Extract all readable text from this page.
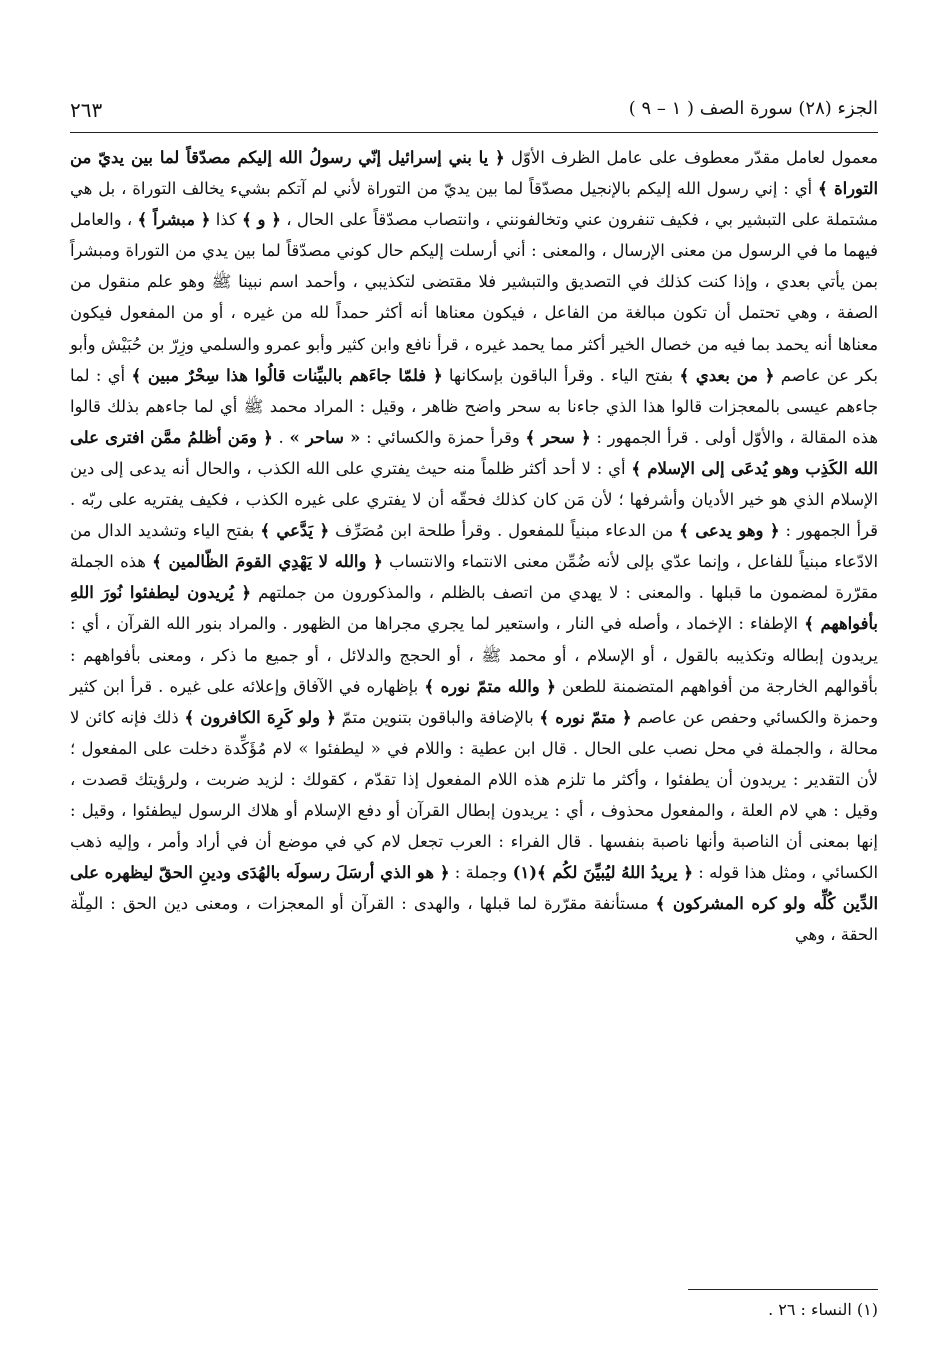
الجزء (٢٨) سورة الصف ( ١ – ٩ )
٢٦٣

معمول لعامل مقدّر معطوف على عامل الظرف الأوّل ﴿ يا بني إسرائيل إنّي رسولُ الله إليكم مصدّقاً لما بين يديّ من التوراة ﴾ أي : إني رسول الله إليكم بالإنجيل مصدّقاً لما بين يديّ من التوراة لأني لم آتكم بشيء يخالف التوراة ، بل هي مشتملة على التبشير بي ، فكيف تنفرون عني وتخالفونني ، وانتصاب مصدّقاً على الحال ، ﴿ و ﴾ كذا ﴿ مبشراً ﴾ ، والعامل فيهما ما في الرسول من معنى الإرسال ، والمعنى : أني أرسلت إليكم حال كوني مصدّقاً لما بين يدي من التوراة ومبشراً بمن يأتي بعدي ، وإذا كنت كذلك في التصديق والتبشير فلا مقتضى لتكذيبي ، وأحمد اسم نبينا ﷺ وهو علم منقول من الصفة ، وهي تحتمل أن تكون مبالغة من الفاعل ، فيكون معناها أنه أكثر حمداً لله من غيره ، أو من المفعول فيكون معناها أنه يحمد بما فيه من خصال الخير أكثر مما يحمد غيره ، قرأ نافع وابن كثير وأبو عمرو والسلمي وزِرّ بن حُبَيْش وأبو بكر عن عاصم ﴿ من بعدي ﴾ بفتح الياء . وقرأ الباقون بإسكانها ﴿ فلمّا جاءَهم بالبيِّنات قالُوا هذا سِحْرٌ مبين ﴾ أي : لما جاءهم عيسى بالمعجزات قالوا هذا الذي جاءنا به سحر واضح ظاهر ، وقيل : المراد محمد ﷺ أي لما جاءهم بذلك قالوا هذه المقالة ، والأوّل أولى . قرأ الجمهور : ﴿ سحر ﴾ وقرأ حمزة والكسائي : « ساحر » . ﴿ ومَن أظلمُ ممَّن افترى على الله الكَذِب وهو يُدعَى إلى الإسلام ﴾ أي : لا أحد أكثر ظلماً منه حيث يفتري على الله الكذب ، والحال أنه يدعى إلى دين الإسلام الذي هو خير الأديان وأشرفها ؛ لأن مَن كان كذلك فحقّه أن لا يفتري على غيره الكذب ، فكيف يفتريه على ربّه . قرأ الجمهور : ﴿ وهو يدعى ﴾ من الدعاء مبنياً للمفعول . وقرأ طلحة ابن مُصَرِّف ﴿ يَدَّعي ﴾ بفتح الياء وتشديد الدال من الادّعاء مبنياً للفاعل ، وإنما عدّي بإلى لأنه ضُمِّن معنى الانتماء والانتساب ﴿ والله لا يَهْدِي القومَ الظّالمين ﴾ هذه الجملة مقرّرة لمضمون ما قبلها . والمعنى : لا يهدي من اتصف بالظلم ، والمذكورون من جملتهم ﴿ يُريدون ليطفئوا نُورَ اللهِ بأفواههم ﴾ الإطفاء : الإخماد ، وأصله في النار ، واستعير لما يجري مجراها من الظهور . والمراد بنور الله القرآن ، أي : يريدون إبطاله وتكذيبه بالقول ، أو الإسلام ، أو محمد ﷺ ، أو الحجج والدلائل ، أو جميع ما ذكر ، ومعنى بأفواههم : بأقوالهم الخارجة من أفواههم المتضمنة للطعن ﴿ والله متمّ نوره ﴾ بإظهاره في الآفاق وإعلائه على غيره . قرأ ابن كثير وحمزة والكسائي وحفص عن عاصم ﴿ متمّ نوره ﴾ بالإضافة والباقون بتنوين متمّ ﴿ ولو كَرِهَ الكافرون ﴾ ذلك فإنه كائن لا محالة ، والجملة في محل نصب على الحال . قال ابن عطية : واللام في « ليطفئوا » لام مُؤَكِّدة دخلت على المفعول ؛ لأن التقدير : يريدون أن يطفئوا ، وأكثر ما تلزم هذه اللام المفعول إذا تقدّم ، كقولك : لزيد ضربت ، ولرؤيتك قصدت ، وقيل : هي لام العلة ، والمفعول محذوف ، أي : يريدون إبطال القرآن أو دفع الإسلام أو هلاك الرسول ليطفئوا ، وقيل : إنها بمعنى أن الناصبة وأنها ناصبة بنفسها . قال الفراء : العرب تجعل لام كي في موضع أن في أراد وأمر ، وإليه ذهب الكسائي ، ومثل هذا قوله : ﴿ يريدُ اللهُ ليُبيِّنَ لكُم ﴾(١) وجملة : ﴿ هو الذي أرسَلَ رسولَه بالهُدَى ودينِ الحقّ ليظهره على الدِّين كُلِّه ولو كره المشركون ﴾ مستأنفة مقرّرة لما قبلها ، والهدى : القرآن أو المعجزات ، ومعنى دين الحق : المِلّة الحقة ، وهي

(١) النساء : ٢٦ .
